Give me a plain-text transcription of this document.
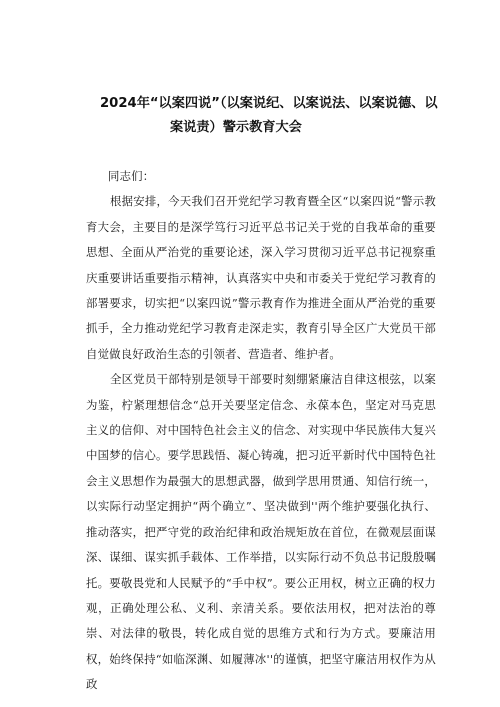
2024年“以案四说”（以案说纪、以案说法、以案说德、以
案说责）警示教育大会

同志们：

根据安排，今天我们召开党纪学习教育暨全区“以案四说“警示教育大会，主要目的是深学笃行习近平总书记关于党的自我革命的重要思想、全面从严治党的重要论述，深入学习贯彻习近平总书记视察重庆重要讲话重要指示精神，认真落实中央和市委关于党纪学习教育的部署要求，切实把“以案四说”警示教育作为推进全面从严治党的重要抓手，全力推动党纪学习教育走深走实，教育引导全区广大党员干部自觉做良好政治生态的引领者、营造者、维护者。

全区党员干部特别是领导干部要时刻绷紧廉洁自律这根弦，以案为鉴，柠紧理想信念“总开关要坚定信念、永葆本色，坚定对马克思主义的信仰、对中国特色社会主义的信念、对实现中华民族伟大复兴中国梦的信心。要学思践悟、凝心铸魂，把习近平新时代中国特色社会主义思想作为最强大的思想武器，做到学思用贯通、知信行统一，以实际行动坚定拥护“两个确立”、坚决做到''两个维护要强化执行、推动落实，把严守党的政治纪律和政治规矩放在首位，在微观层面谋深、谋细、谋实抓手载体、工作举措，以实际行动不负总书记殷殷嘱托。要敬畏党和人民赋予的“手中权”。要公正用权，树立正确的权力观，正确处理公私、义利、亲清关系。要依法用权，把对法治的尊崇、对法律的敬畏，转化成自觉的思维方式和行为方式。要廉洁用权，始终保持“如临深渊、如履薄冰''的谨慎，把坚守廉洁用权作为从政
